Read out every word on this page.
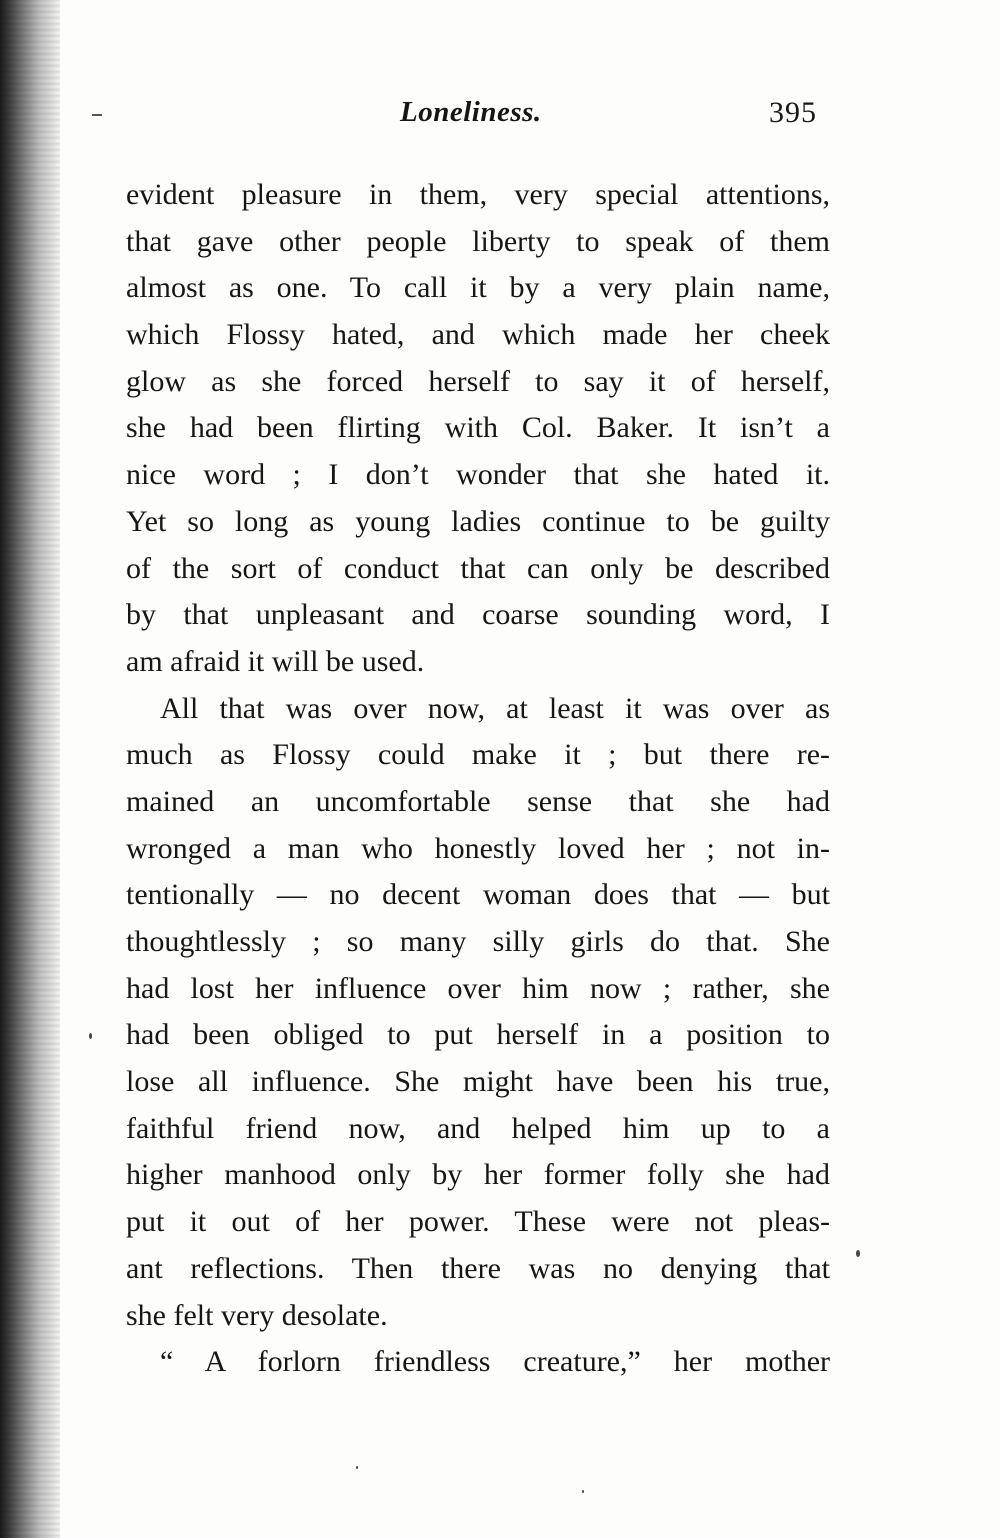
Loneliness.	395
evident pleasure in them, very special attentions,
that gave other people liberty to speak of them
almost as one. To call it by a very plain name,
which Flossy hated, and which made her cheek
glow as she forced herself to say it of herself,
she had been flirting with Col. Baker. It isn’t a
nice word ; I don’t wonder that she hated it.
Yet so long as young ladies continue to be guilty
of the sort of conduct that can only be described
by that unpleasant and coarse sounding word, I
am afraid it will be used.
All that was over now, at least it was over as
much as Flossy could make it ; but there re-
mained an uncomfortable sense that she had
wronged a man who honestly loved her ; not in-
tentionally — no decent woman does that — but
thoughtlessly ; so many silly girls do that. She
had lost her influence over him now ; rather, she
had been obliged to put herself in a position to
lose all influence. She might have been his true,
faithful friend now, and helped him up to a
higher manhood only by her former folly she had
put it out of her power. These were not pleas-
ant reflections. Then there was no denying that
she felt very desolate.
“ A forlorn friendless creature,” her mother
